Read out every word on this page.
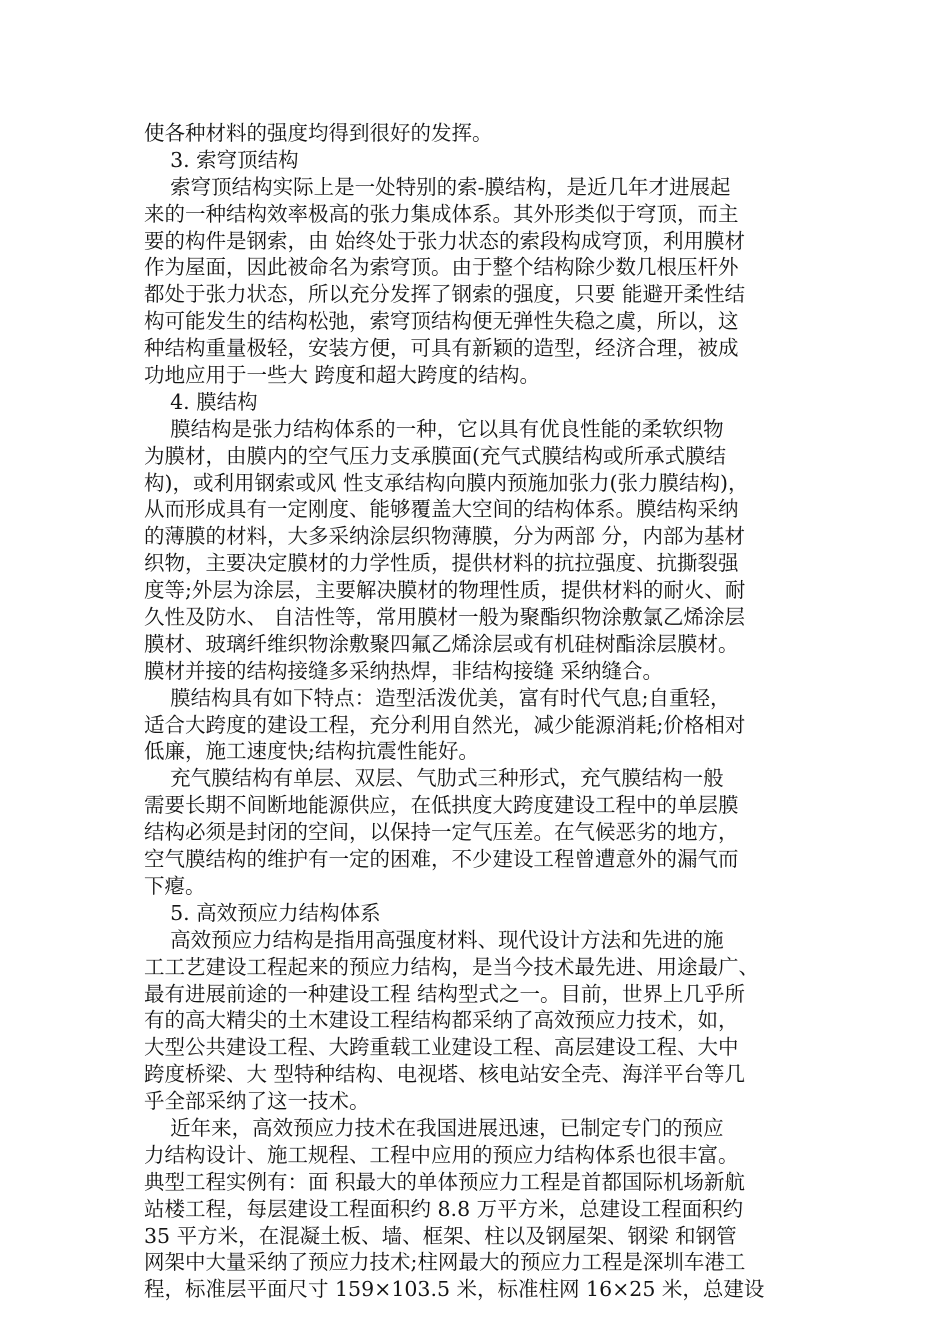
使各种材料的强度均得到很好的发挥。
3. 索穹顶结构
索穹顶结构实际上是一处特别的索-膜结构，是近几年才进展起
来的一种结构效率极高的张力集成体系。其外形类似于穹顶，而主
要的构件是钢索，由 始终处于张力状态的索段构成穹顶，利用膜材
作为屋面，因此被命名为索穹顶。由于整个结构除少数几根压杆外
都处于张力状态，所以充分发挥了钢索的强度，只要 能避开柔性结
构可能发生的结构松弛，索穹顶结构便无弹性失稳之虞，所以，这
种结构重量极轻，安装方便，可具有新颖的造型，经济合理，被成
功地应用于一些大 跨度和超大跨度的结构。
4. 膜结构
膜结构是张力结构体系的一种，它以具有优良性能的柔软织物
为膜材，由膜内的空气压力支承膜面(充气式膜结构或所承式膜结
构)，或利用钢索或风 性支承结构向膜内预施加张力(张力膜结构)，
从而形成具有一定刚度、能够覆盖大空间的结构体系。膜结构采纳
的薄膜的材料，大多采纳涂层织物薄膜，分为两部 分，内部为基材
织物，主要决定膜材的力学性质，提供材料的抗拉强度、抗撕裂强
度等;外层为涂层，主要解决膜材的物理性质，提供材料的耐火、耐
久性及防水、 自洁性等，常用膜材一般为聚酯织物涂敷氯乙烯涂层
膜材、玻璃纤维织物涂敷聚四氟乙烯涂层或有机硅树酯涂层膜材。
膜材并接的结构接缝多采纳热焊，非结构接缝 采纳缝合。
膜结构具有如下特点：造型活泼优美，富有时代气息;自重轻，
适合大跨度的建设工程，充分利用自然光，减少能源消耗;价格相对
低廉，施工速度快;结构抗震性能好。
充气膜结构有单层、双层、气肋式三种形式，充气膜结构一般
需要长期不间断地能源供应，在低拱度大跨度建设工程中的单层膜
结构必须是封闭的空间，以保持一定气压差。在气候恶劣的地方，
空气膜结构的维护有一定的困难，不少建设工程曾遭意外的漏气而
下瘪。
5. 高效预应力结构体系
高效预应力结构是指用高强度材料、现代设计方法和先进的施
工工艺建设工程起来的预应力结构，是当今技术最先进、用途最广、
最有进展前途的一种建设工程 结构型式之一。目前，世界上几乎所
有的高大精尖的土木建设工程结构都采纳了高效预应力技术，如，
大型公共建设工程、大跨重载工业建设工程、高层建设工程、大中
跨度桥梁、大 型特种结构、电视塔、核电站安全壳、海洋平台等几
乎全部采纳了这一技术。
近年来，高效预应力技术在我国进展迅速，已制定专门的预应
力结构设计、施工规程、工程中应用的预应力结构体系也很丰富。
典型工程实例有：面 积最大的单体预应力工程是首都国际机场新航
站楼工程，每层建设工程面积约 8.8 万平方米，总建设工程面积约
35 平方米，在混凝土板、墙、框架、柱以及钢屋架、钢梁 和钢管
网架中大量采纳了预应力技术;柱网最大的预应力工程是深圳车港工
程，标准层平面尺寸 159×103.5 米，标准柱网 16×25 米，总建设
